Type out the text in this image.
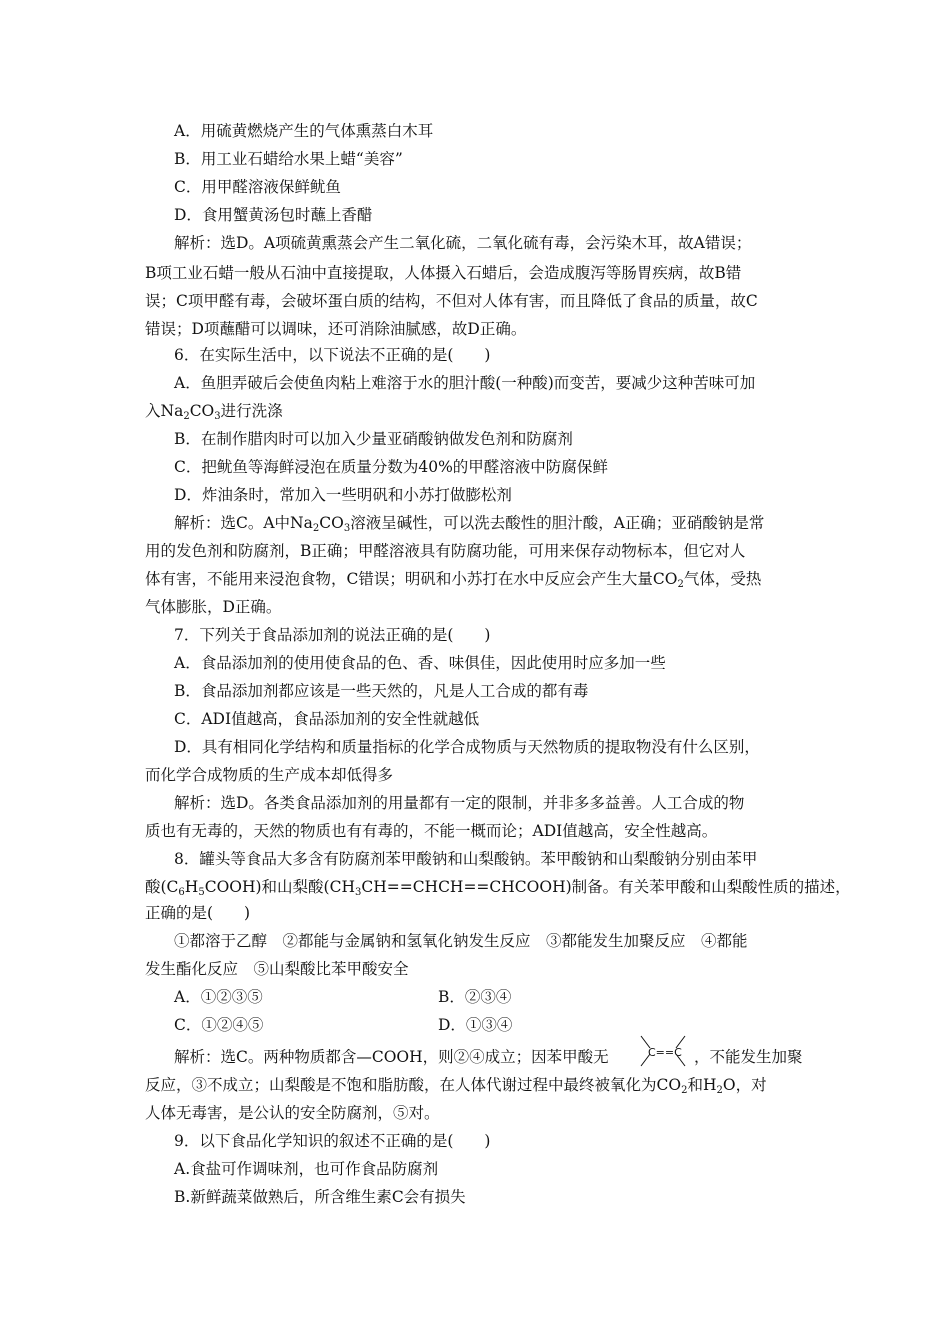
A．用硫黄燃烧产生的气体熏蒸白木耳
B．用工业石蜡给水果上蜡“美容”
C．用甲醛溶液保鲜鱿鱼
D．食用蟹黄汤包时蘸上香醋
解析：选D。A项硫黄熏蒸会产生二氧化硫，二氧化硫有毒，会污染木耳，故A错误；
B项工业石蜡一般从石油中直接提取，人体摄入石蜡后，会造成腹泻等肠胃疾病，故B错
误；C项甲醛有毒，会破坏蛋白质的结构，不但对人体有害，而且降低了食品的质量，故C
错误；D项蘸醋可以调味，还可消除油腻感，故D正确。
6．在实际生活中，以下说法不正确的是(　　)
A．鱼胆弄破后会使鱼肉粘上难溶于水的胆汁酸(一种酸)而变苦，要减少这种苦味可加
入$Na_2CO_3$进行洗涤
B．在制作腊肉时可以加入少量亚硝酸钠做发色剂和防腐剂
C．把鱿鱼等海鲜浸泡在质量分数为40%的甲醛溶液中防腐保鲜
D．炸油条时，常加入一些明矾和小苏打做膨松剂
解析：选C。A中$Na_2CO_3$溶液呈碱性，可以洗去酸性的胆汁酸，A正确；亚硝酸钠是常
用的发色剂和防腐剂，B正确；甲醛溶液具有防腐功能，可用来保存动物标本，但它对人
体有害，不能用来浸泡食物，C错误；明矾和小苏打在水中反应会产生大量$CO_2$气体，受热
气体膨胀，D正确。
7．下列关于食品添加剂的说法正确的是(　　)
A．食品添加剂的使用使食品的色、香、味俱佳，因此使用时应多加一些
B．食品添加剂都应该是一些天然的，凡是人工合成的都有毒
C．ADI值越高，食品添加剂的安全性就越低
D．具有相同化学结构和质量指标的化学合成物质与天然物质的提取物没有什么区别，
而化学合成物质的生产成本却低得多
解析：选D。各类食品添加剂的用量都有一定的限制，并非多多益善。人工合成的物
质也有无毒的，天然的物质也有有毒的，不能一概而论；ADI值越高，安全性越高。
8．罐头等食品大多含有防腐剂苯甲酸钠和山梨酸钠。苯甲酸钠和山梨酸钠分别由苯甲
酸$(C_6H_5COOH)$和山梨酸$(CH_3CH==CHCH==CHCOOH)$制备。有关苯甲酸和山梨酸性质的描述，
正确的是(　　)
①都溶于乙醇　②都能与金属钠和氢氧化钠发生反应　③都能发生加聚反应　④都能
发生酯化反应　⑤山梨酸比苯甲酸安全
A．①②③⑤	B．②③④
C．①②④⑤	D．①③④
解析：选C。两种物质都含—COOH，则②④成立；因苯甲酸无	C==C ，不能发生加聚
反应，③不成立；山梨酸是不饱和脂肪酸，在人体代谢过程中最终被氧化为$CO_2$和$H_2O$，对
人体无毒害，是公认的安全防腐剂，⑤对。
9．以下食品化学知识的叙述不正确的是(　　)
A.食盐可作调味剂，也可作食品防腐剂
B.新鲜蔬菜做熟后，所含维生素C会有损失
